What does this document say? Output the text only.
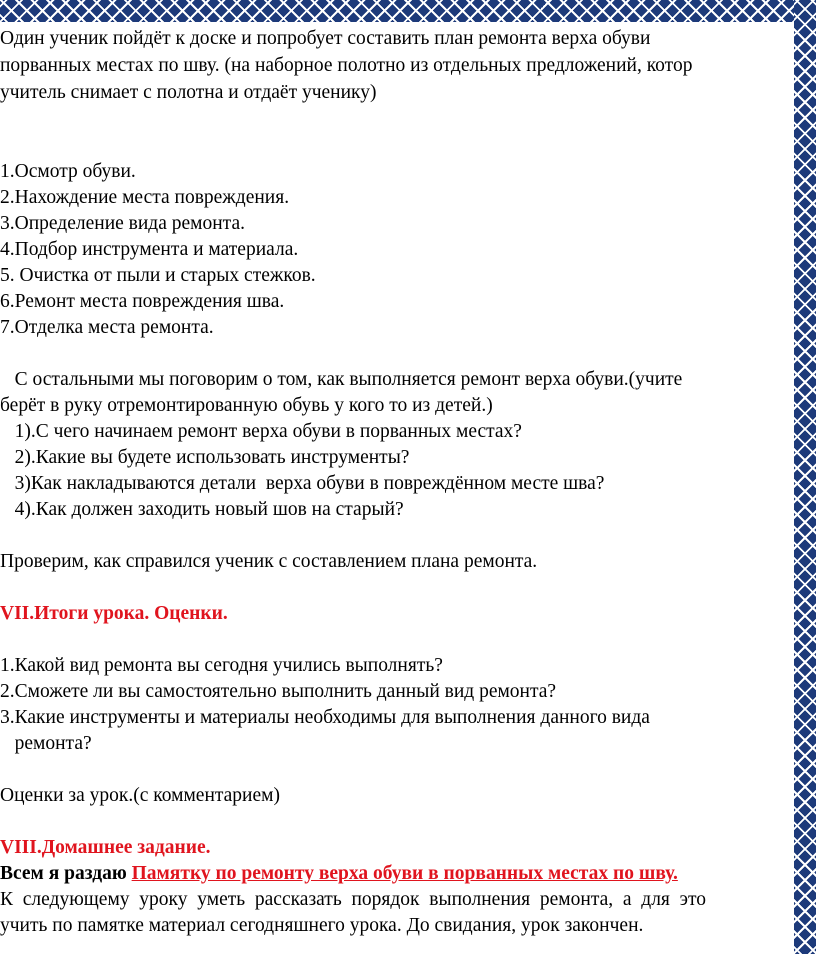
Один ученик пойдёт к доске и попробует составить план ремонта верха обуви
порванных местах по шву. (на наборное полотно из отдельных предложений, котор
учитель снимает с полотна и отдаёт ученику)
1.Осмотр обуви.
2.Нахождение места повреждения.
3.Определение вида ремонта.
4.Подбор инструмента и материала.
5. Очистка от пыли и старых стежков.
6.Ремонт места повреждения шва.
7.Отделка места ремонта.
С остальными мы поговорим о том, как выполняется ремонт верха обуви.(учите
берёт в руку отремонтированную обувь у кого то из детей.)
1).С чего начинаем ремонт верха обуви в порванных местах?
2).Какие вы будете использовать инструменты?
3)Как накладываются детали  верха обуви в повреждённом месте шва?
4).Как должен заходить новый шов на старый?
Проверим, как справился ученик с составлением плана ремонта.
VII.Итоги урока. Оценки.
1.Какой вид ремонта вы сегодня учились выполнять?
2.Сможете ли вы самостоятельно выполнить данный вид ремонта?
3.Какие инструменты и материалы необходимы для выполнения данного вида
ремонта?
Оценки за урок.(с комментарием)
VIII.Домашнее задание.
Всем я раздаю Памятку по ремонту верха обуви в порванных местах по шву.
К  следующему  уроку  уметь  рассказать  порядок  выполнения  ремонта,  а  для  это
учить по памятке материал сегодняшнего урока. До свидания, урок закончен.
